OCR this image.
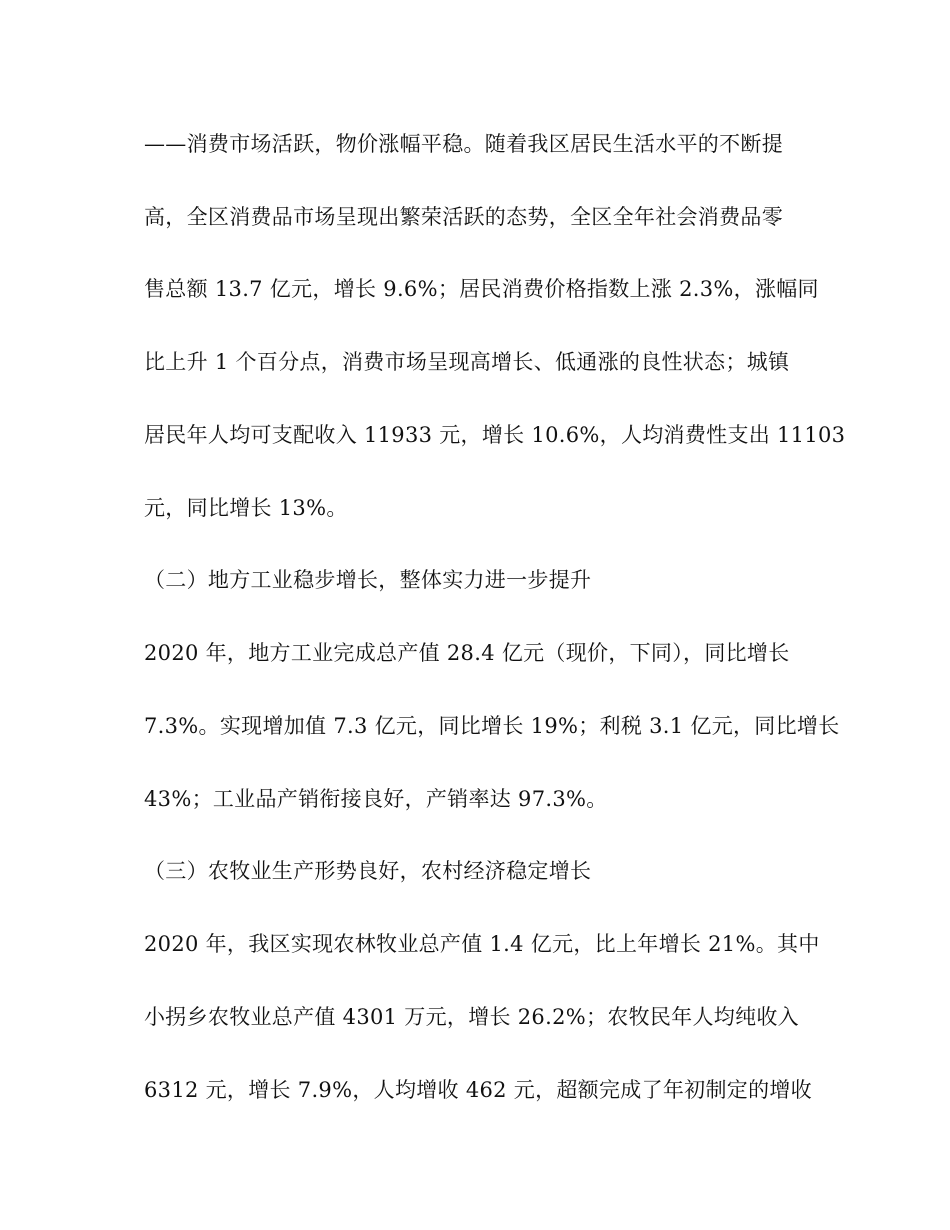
——消费市场活跃，物价涨幅平稳。随着我区居民生活水平的不断提
高，全区消费品市场呈现出繁荣活跃的态势，全区全年社会消费品零
售总额 13.7 亿元，增长 9.6%；居民消费价格指数上涨 2.3%，涨幅同
比上升 1 个百分点，消费市场呈现高增长、低通涨的良性状态；城镇
居民年人均可支配收入 11933 元，增长 10.6%，人均消费性支出 11103
元，同比增长 13%。
（二）地方工业稳步增长，整体实力进一步提升
2020 年，地方工业完成总产值 28.4 亿元（现价，下同），同比增长
7.3%。实现增加值 7.3 亿元，同比增长 19%；利税 3.1 亿元，同比增长
43%；工业品产销衔接良好，产销率达 97.3%。
（三）农牧业生产形势良好，农村经济稳定增长
2020 年，我区实现农林牧业总产值 1.4 亿元，比上年增长 21%。其中
小拐乡农牧业总产值 4301 万元，增长 26.2%；农牧民年人均纯收入
6312 元，增长 7.9%，人均增收 462 元，超额完成了年初制定的增收
